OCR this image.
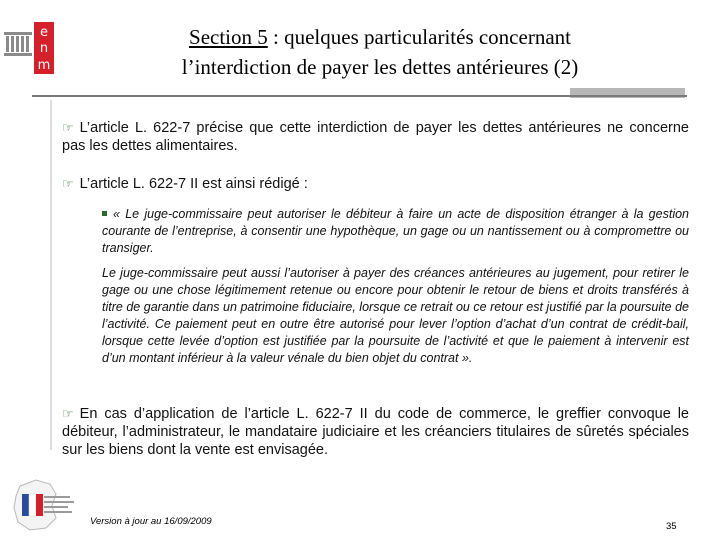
e
n
m
Section 5 : quelques particularités concernant
l’interdiction de payer les dettes antérieures (2)
☞ L’article L. 622-7 précise que cette interdiction de payer les dettes antérieures ne concerne pas les dettes alimentaires.
☞ L’article L. 622-7 II est ainsi rédigé :
« Le juge-commissaire peut autoriser le débiteur à faire un acte de disposition étranger à la gestion courante de l’entreprise, à consentir une hypothèque, un gage ou un nantissement ou à compromettre ou transiger.
Le juge-commissaire peut aussi l’autoriser à payer des créances antérieures au jugement, pour retirer le gage ou une chose légitimement retenue ou encore pour obtenir le retour de biens et droits transférés à titre de garantie dans un patrimoine fiduciaire, lorsque ce retrait ou ce retour est justifié par la poursuite de l’activité. Ce paiement peut en outre être autorisé pour lever l’option d’achat d’un contrat de crédit-bail, lorsque cette levée d’option est justifiée par la poursuite de l’activité et que le paiement à intervenir est d’un montant inférieur à la valeur vénale du bien objet du contrat ».
☞ En cas d’application de l’article L. 622-7 II du code de commerce, le greffier convoque le débiteur, l’administrateur, le mandataire judiciaire et les créanciers titulaires de sûretés spéciales sur les biens dont la vente est envisagée.
Version à jour au 16/09/2009	35
